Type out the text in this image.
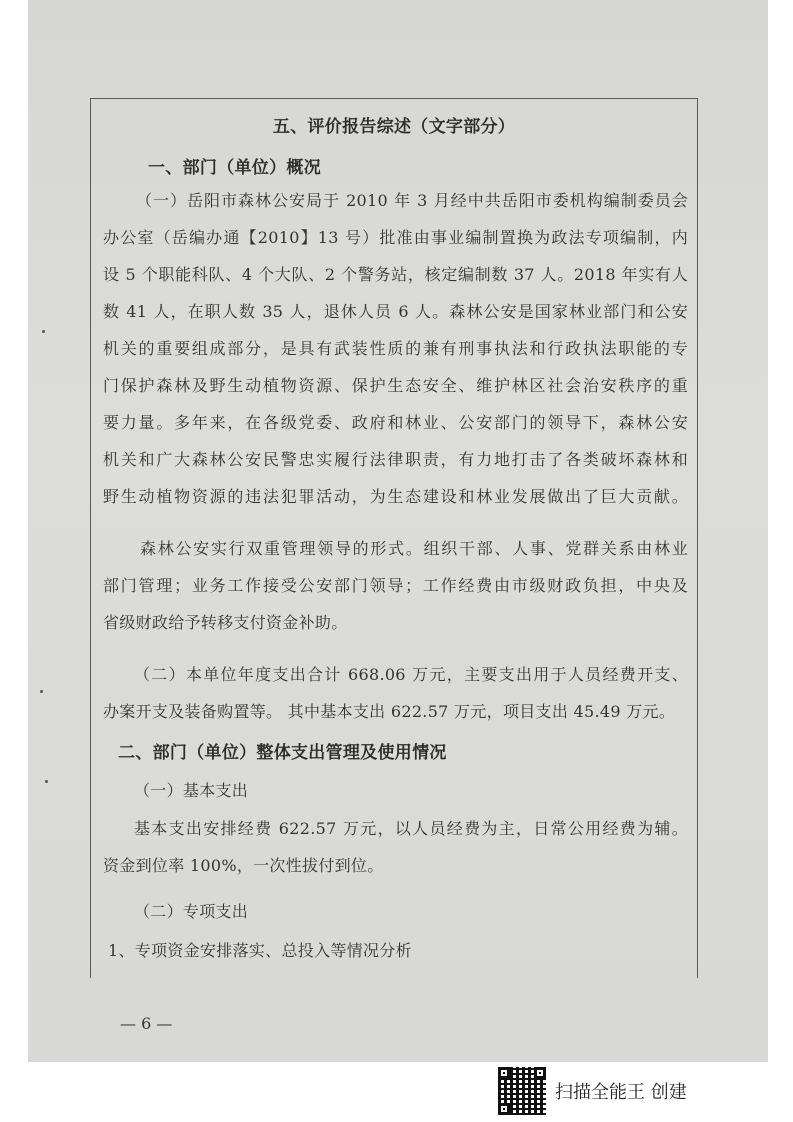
五、评价报告综述（文字部分）
一、部门（单位）概况
（一）岳阳市森林公安局于 2010 年 3 月经中共岳阳市委机构编制委员会
办公室（岳编办通【2010】13 号）批准由事业编制置换为政法专项编制，内
设 5 个职能科队、4 个大队、2 个警务站，核定编制数 37 人。2018 年实有人
数 41 人，在职人数 35 人，退休人员 6 人。森林公安是国家林业部门和公安
机关的重要组成部分，是具有武装性质的兼有刑事执法和行政执法职能的专
门保护森林及野生动植物资源、保护生态安全、维护林区社会治安秩序的重
要力量。多年来，在各级党委、政府和林业、公安部门的领导下，森林公安
机关和广大森林公安民警忠实履行法律职责，有力地打击了各类破坏森林和
野生动植物资源的违法犯罪活动，为生态建设和林业发展做出了巨大贡献。
森林公安实行双重管理领导的形式。组织干部、人事、党群关系由林业
部门管理；业务工作接受公安部门领导；工作经费由市级财政负担，中央及
省级财政给予转移支付资金补助。
（二）本单位年度支出合计 668.06 万元，主要支出用于人员经费开支、
办案开支及装备购置等。 其中基本支出 622.57 万元，项目支出 45.49 万元。
二、部门（单位）整体支出管理及使用情况
（一）基本支出
基本支出安排经费 622.57 万元，以人员经费为主，日常公用经费为辅。
资金到位率 100%，一次性拔付到位。
（二）专项支出
1、专项资金安排落实、总投入等情况分析
— 6 —
扫描全能王 创建
